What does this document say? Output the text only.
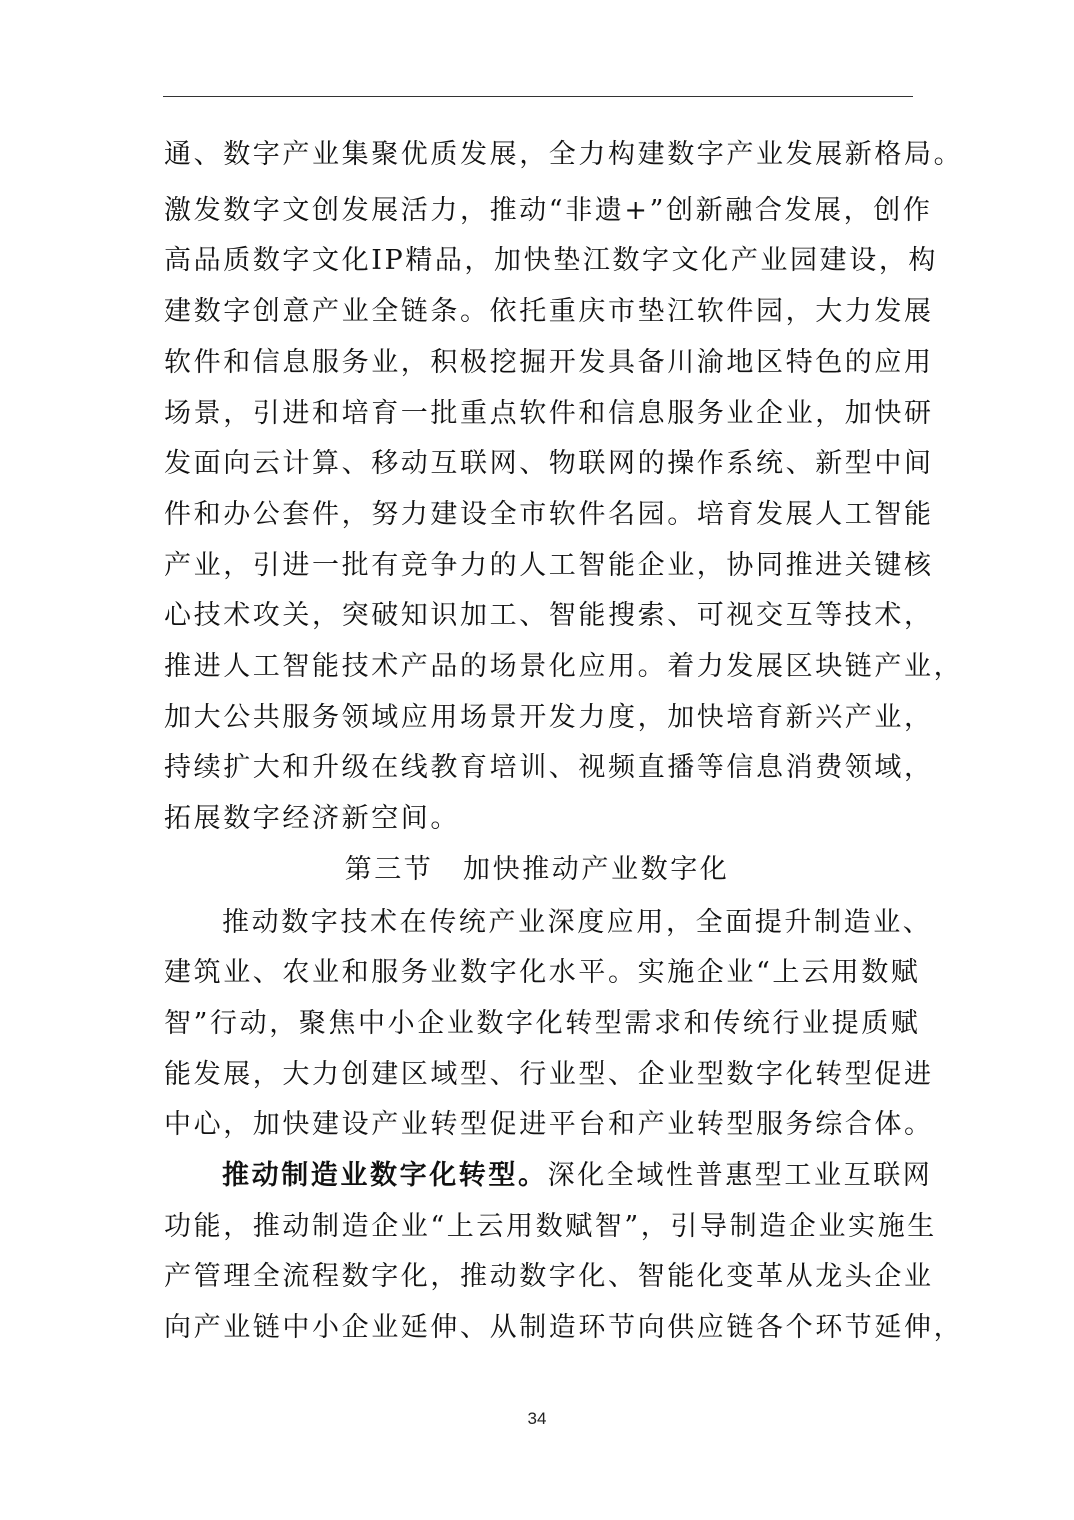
通、数字产业集聚优质发展，全力构建数字产业发展新格局。
激发数字文创发展活力，推动“非遗+”创新融合发展，创作
高品质数字文化IP精品，加快垫江数字文化产业园建设，构
建数字创意产业全链条。依托重庆市垫江软件园，大力发展
软件和信息服务业，积极挖掘开发具备川渝地区特色的应用
场景，引进和培育一批重点软件和信息服务业企业，加快研
发面向云计算、移动互联网、物联网的操作系统、新型中间
件和办公套件，努力建设全市软件名园。培育发展人工智能
产业，引进一批有竞争力的人工智能企业，协同推进关键核
心技术攻关，突破知识加工、智能搜索、可视交互等技术，
推进人工智能技术产品的场景化应用。着力发展区块链产业，
加大公共服务领域应用场景开发力度，加快培育新兴产业，
持续扩大和升级在线教育培训、视频直播等信息消费领域，
拓展数字经济新空间。
第三节　加快推动产业数字化
推动数字技术在传统产业深度应用，全面提升制造业、
建筑业、农业和服务业数字化水平。实施企业“上云用数赋
智”行动，聚焦中小企业数字化转型需求和传统行业提质赋
能发展，大力创建区域型、行业型、企业型数字化转型促进
中心，加快建设产业转型促进平台和产业转型服务综合体。
推动制造业数字化转型。深化全域性普惠型工业互联网
功能，推动制造企业“上云用数赋智”，引导制造企业实施生
产管理全流程数字化，推动数字化、智能化变革从龙头企业
向产业链中小企业延伸、从制造环节向供应链各个环节延伸，
34
